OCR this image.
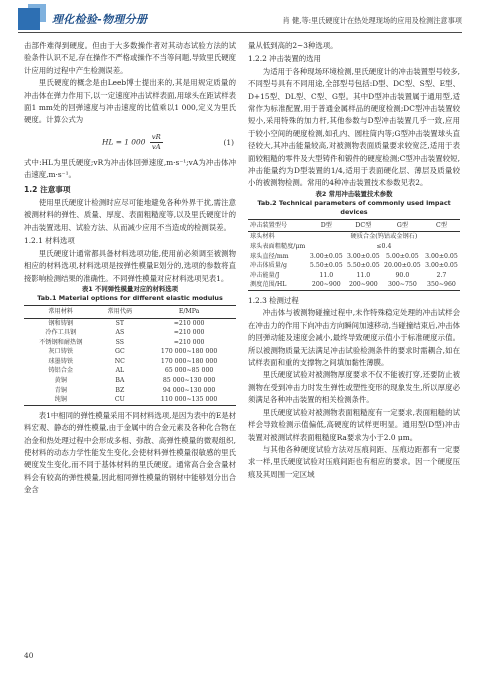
理化检验-物理分册	肖 健,等:里氏硬度计在热处理现场的应用及检测注意事项

击部件难得到硬度。但由于大多数操作者对其动态试验方法的试验条件认识不足,存在操作不严格或操作不当等问题,导致里氏硬度计应用的过程中产生检测误差。

里氏硬度的概念是由Leeb博士提出来的,其是用规定质量的冲击体在弹力作用下,以一定速度冲击试样表面,用球头在距试样表面1 mm处的回弹速度与冲击速度的比值乘以1 000,定义为里氏硬度。计算公式为

HL = 1 $000 \frac{vR}{vA}$	(1)

式中:HL为里氏硬度;vR为冲击体回弹速度,m·s⁻¹;vA为冲击体冲击速度,m·s⁻¹。

1.2 注意事项

使用里氏硬度计检测时应尽可能地避免各种外界干扰,需注意被测材料的弹性、质量、厚度、表面粗糙度等,以及里氏硬度计的冲击装置选用、试验方法、从而减少应用不当造成的检测误差。

1.2.1 材料选项

里氏硬度计通常都具备材料选项功能,使用前必须调至被测物相应的材料选项,材料选项是按弹性模量E划分的,选项的参数将直接影响检测结果的准确性。不同弹性模量对应材料选项见表1。

表1 不同弹性模量对应的材料选项
Tab.1 Material options for different elastic modulus
常用材料	常用代码	E/MPa
钢和铸钢	ST	≈210 000
冷作工具钢	AS	≈210 000
不锈钢和耐热钢	SS	≈210 000
灰口铸铁	GC	170 000~180 000
球墨铸铁	NC	170 000~180 000
铸铝合金	AL	65 000~85 000
黄铜	BA	85 000~130 000
青铜	BZ	94 000~130 000
纯铜	CU	110 000~135 000

表1中相同的弹性模量采用不同材料选项,是因为表中的E是材料宏观、静态的弹性模量,由于金属中的合金元素及各种化合物在冶金和热处理过程中会形成多相、弥散、高弹性模量的微观组织,使材料的动态力学性能发生变化,会使材料弹性模量很敏感的里氏硬度发生变化,而不同于基体材料的里氏硬度。通常高合金含量材料会有较高的弹性模量,因此相同弹性模量的钢材中能够划分出合金含

量从低到高的2~3种选项。

1.2.2 冲击装置的选用

为适用于各种现场环境检测,里氏硬度计的冲击装置型号较多,不同型号具有不同用途,全部型号包括:D型、DC型、S型、E型、D+15型、DL型、C型、G型。其中D型冲击装置属于通用型,适常作为标准配置,用于普通金属样品的硬度检测;DC型冲击装置较短小,采用特殊的加力杆,其他参数与D型冲击装置几乎一致,应用于较小空间的硬度检测,如孔内、圆柱筒内等;G型冲击装置球头直径较大,其冲击能量较高,对被测物表面质量要求较宽泛,适用于表面较粗糙的零件及大型铸件和锻件的硬度检测;C型冲击装置较短,冲击能量约为D型装置的1/4,适用于表面硬化层、薄层及质量较小的被测物检测。常用的4种冲击装置技术参数见表2。

表2 常用冲击装置技术参数
Tab.2 Technical parameters of commonly used impact devices
冲击装置型号	D型	DC型	G型	C型
球头材料	硬质合金(钨钴或金钢石)			
球头表面粗糙度/μm	≤0.4			
球头直径/mm	3.00±0.05	3.00±0.05	5.00±0.05	3.00±0.05
冲击体质量/g	5.50±0.05	5.50±0.05	20.00±0.05	3.00±0.05
冲击能量/J	11.0	11.0	90.0	2.7
测度范围/HL	200~900	200~900	300~750	350~960
1.2.3 检测过程

冲击体与被测物碰撞过程中,未作特殊稳定处理的冲击试样会在冲击力的作用下向冲击方向瞬间加速移动,当碰撞结束后,冲击体的回弹动能及速度会减小,最终导致硬度示值小于标准硬度示值。所以被测物质量无法满足冲击试验检测条件的要求时需耦合,如在试样表面和重的支撑物之间填加黏性薄膜。

里氏硬度试验对被测物厚度要求不仅不能被打穿,还要防止被测物在受到冲击力时发生弹性或塑性变形的现象发生,所以厚度必须满足各种冲击装置的相关检测条件。

里氏硬度试验对被测物表面粗糙度有一定要求,表面粗糙的试样会导致检测示值偏低,高硬度的试样更明显。通用型(D型)冲击装置对被测试样表面粗糙度Ra要求为小于2.0 μm。

与其他各种硬度试验方法对压痕间距、压痕边距都有一定要求一样,里氏硬度试验对压痕间距也有相应的要求。因一个硬度压痕及其周围一定区域

40
